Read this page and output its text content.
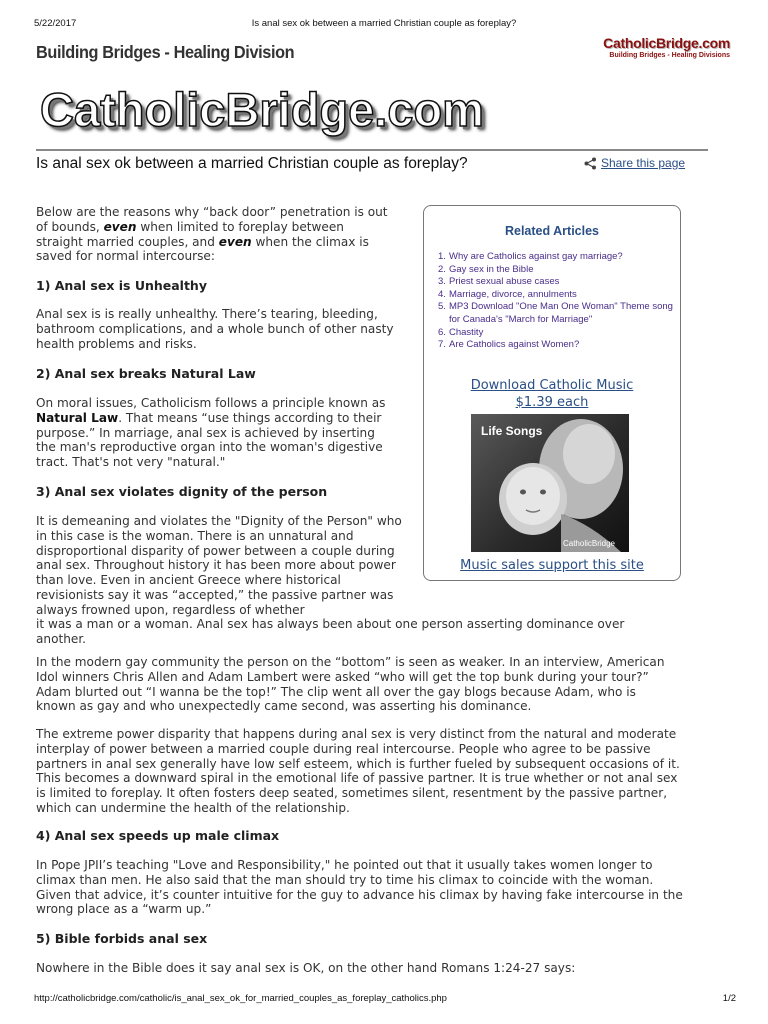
5/22/2017	Is anal sex ok between a married Christian couple as foreplay?
Building Bridges - Healing Division	CatholicBridge.com
Building Bridges - Healing Divisions
CatholicBridge.com
Is anal sex ok between a married Christian couple as foreplay?	Share this page

Below are the reasons why “back door” penetration is out of bounds, even when limited to foreplay between straight married couples, and even when the climax is saved for normal intercourse:

1) Anal sex is Unhealthy

Anal sex is is really unhealthy. There’s tearing, bleeding, bathroom complications, and a whole bunch of other nasty health problems and risks.

2) Anal sex breaks Natural Law

On moral issues, Catholicism follows a principle known as Natural Law. That means “use things according to their purpose.” In marriage, anal sex is achieved by inserting the man's reproductive organ into the woman's digestive tract. That's not very "natural."

3) Anal sex violates dignity of the person

It is demeaning and violates the "Dignity of the Person" who in this case is the woman. There is an unnatural and disproportional disparity of power between a couple during anal sex. Throughout history it has been more about power than love. Even in ancient Greece where historical revisionists say it was “accepted,” the passive partner was always frowned upon, regardless of whether

it was a man or a woman. Anal sex has always been about one person asserting dominance over another.

In the modern gay community the person on the “bottom” is seen as weaker. In an interview, American Idol winners Chris Allen and Adam Lambert were asked “who will get the top bunk during your tour?” Adam blurted out “I wanna be the top!” The clip went all over the gay blogs because Adam, who is known as gay and who unexpectedly came second, was asserting his dominance.

The extreme power disparity that happens during anal sex is very distinct from the natural and moderate interplay of power between a married couple during real intercourse. People who agree to be passive partners in anal sex generally have low self esteem, which is further fueled by subsequent occasions of it. This becomes a downward spiral in the emotional life of passive partner. It is true whether or not anal sex is limited to foreplay. It often fosters deep seated, sometimes silent, resentment by the passive partner, which can undermine the health of the relationship.

4) Anal sex speeds up male climax

In Pope JPII’s teaching "Love and Responsibility," he pointed out that it usually takes women longer to climax than men. He also said that the man should try to time his climax to coincide with the woman. Given that advice, it’s counter intuitive for the guy to advance his climax by having fake intercourse in the wrong place as a “warm up.”

5) Bible forbids anal sex

Nowhere in the Bible does it say anal sex is OK, on the other hand Romans 1:24-27 says:

Related Articles
1. Why are Catholics against gay marriage?
2. Gay sex in the Bible
3. Priest sexual abuse cases
4. Marriage, divorce, annulments
5. MP3 Download "One Man One Woman" Theme song for Canada's "March for Marriage"
6. Chastity
7. Are Catholics against Women?
Download Catholic Music
$1.39 each
Life Songs
CatholicBridge
Music sales support this site
http://catholicbridge.com/catholic/is_anal_sex_ok_for_married_couples_as_foreplay_catholics.php	1/2
